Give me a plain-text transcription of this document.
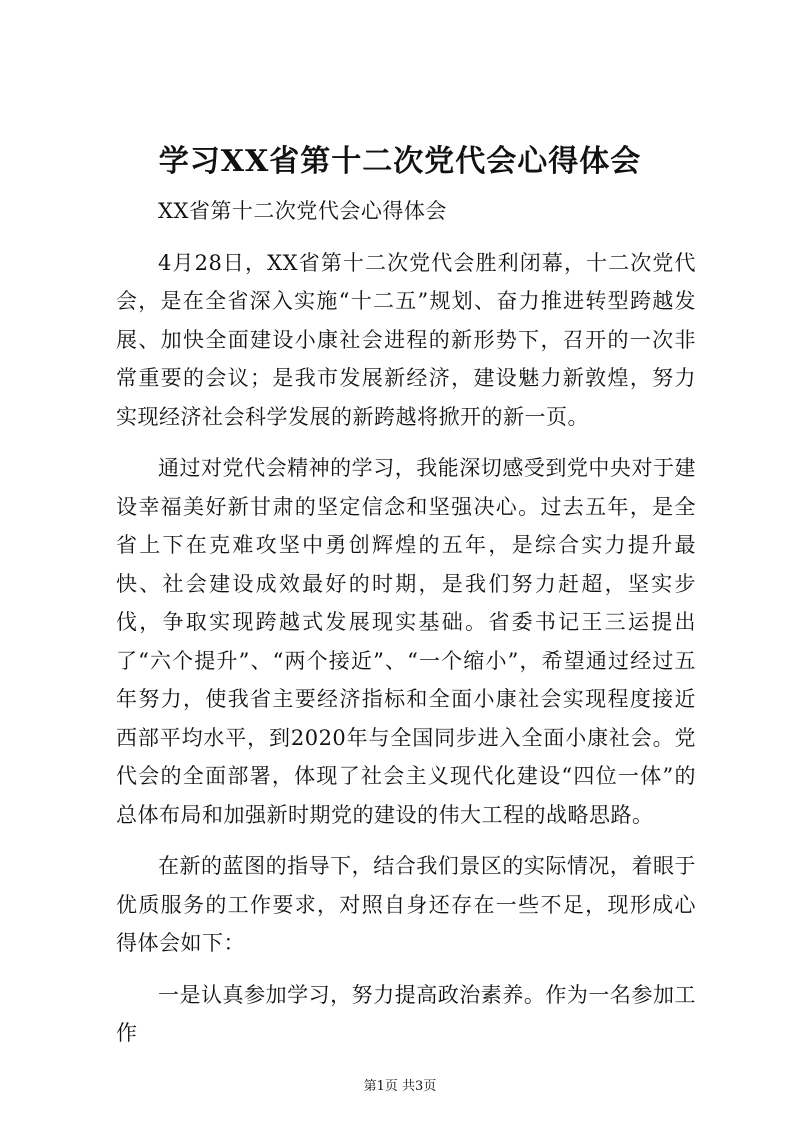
学习XX省第十二次党代会心得体会

XX省第十二次党代会心得体会

4月28日，XX省第十二次党代会胜利闭幕，十二次党代会，是在全省深入实施“十二五”规划、奋力推进转型跨越发展、加快全面建设小康社会进程的新形势下，召开的一次非常重要的会议；是我市发展新经济，建设魅力新敦煌，努力实现经济社会科学发展的新跨越将掀开的新一页。

通过对党代会精神的学习，我能深切感受到党中央对于建设幸福美好新甘肃的坚定信念和坚强决心。过去五年，是全省上下在克难攻坚中勇创辉煌的五年，是综合实力提升最快、社会建设成效最好的时期，是我们努力赶超，坚实步伐，争取实现跨越式发展现实基础。省委书记王三运提出了“六个提升”、“两个接近”、“一个缩小”，希望通过经过五年努力，使我省主要经济指标和全面小康社会实现程度接近西部平均水平，到2020年与全国同步进入全面小康社会。党代会的全面部署，体现了社会主义现代化建设“四位一体”的总体布局和加强新时期党的建设的伟大工程的战略思路。

在新的蓝图的指导下，结合我们景区的实际情况，着眼于优质服务的工作要求，对照自身还存在一些不足，现形成心得体会如下：

一是认真参加学习，努力提高政治素养。作为一名参加工作

第1页 共3页
